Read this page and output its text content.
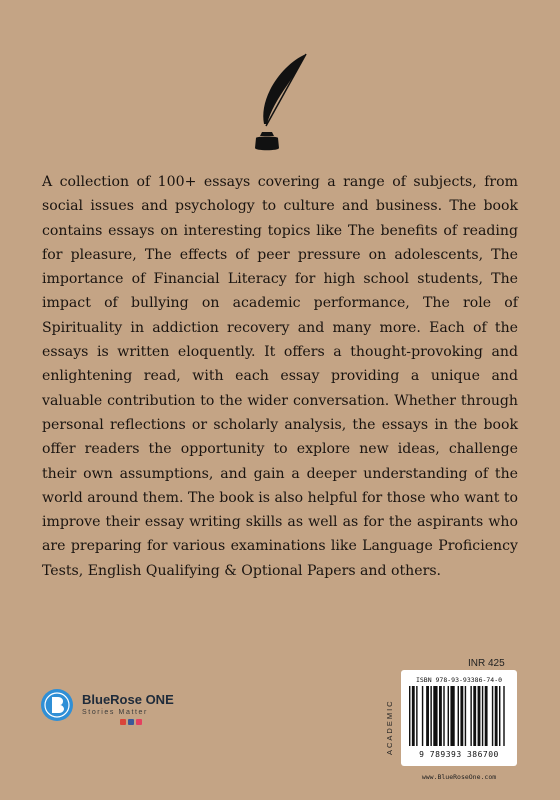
A collection of 100+ essays covering a range of subjects, from social issues and psychology to culture and business. The book contains essays on interesting topics like The benefits of reading for pleasure, The effects of peer pressure on adolescents, The importance of Financial Literacy for high school students, The impact of bullying on academic performance, The role of Spirituality in addiction recovery and many more. Each of the essays is written eloquently. It offers a thought-provoking and enlightening read, with each essay providing a unique and valuable contribution to the wider conversation. Whether through personal reflections or scholarly analysis, the essays in the book offer readers the opportunity to explore new ideas, challenge their own assumptions, and gain a deeper understanding of the world around them. The book is also helpful for those who want to improve their essay writing skills as well as for the aspirants who are preparing for various examinations like Language Proficiency Tests, English Qualifying & Optional Papers and others.

BlueRose ONE
Stories Matter
INR 425
ACADEMIC
ISBN 978-93-93386-74-0
9 789393 386700
www.BlueRoseOne.com
